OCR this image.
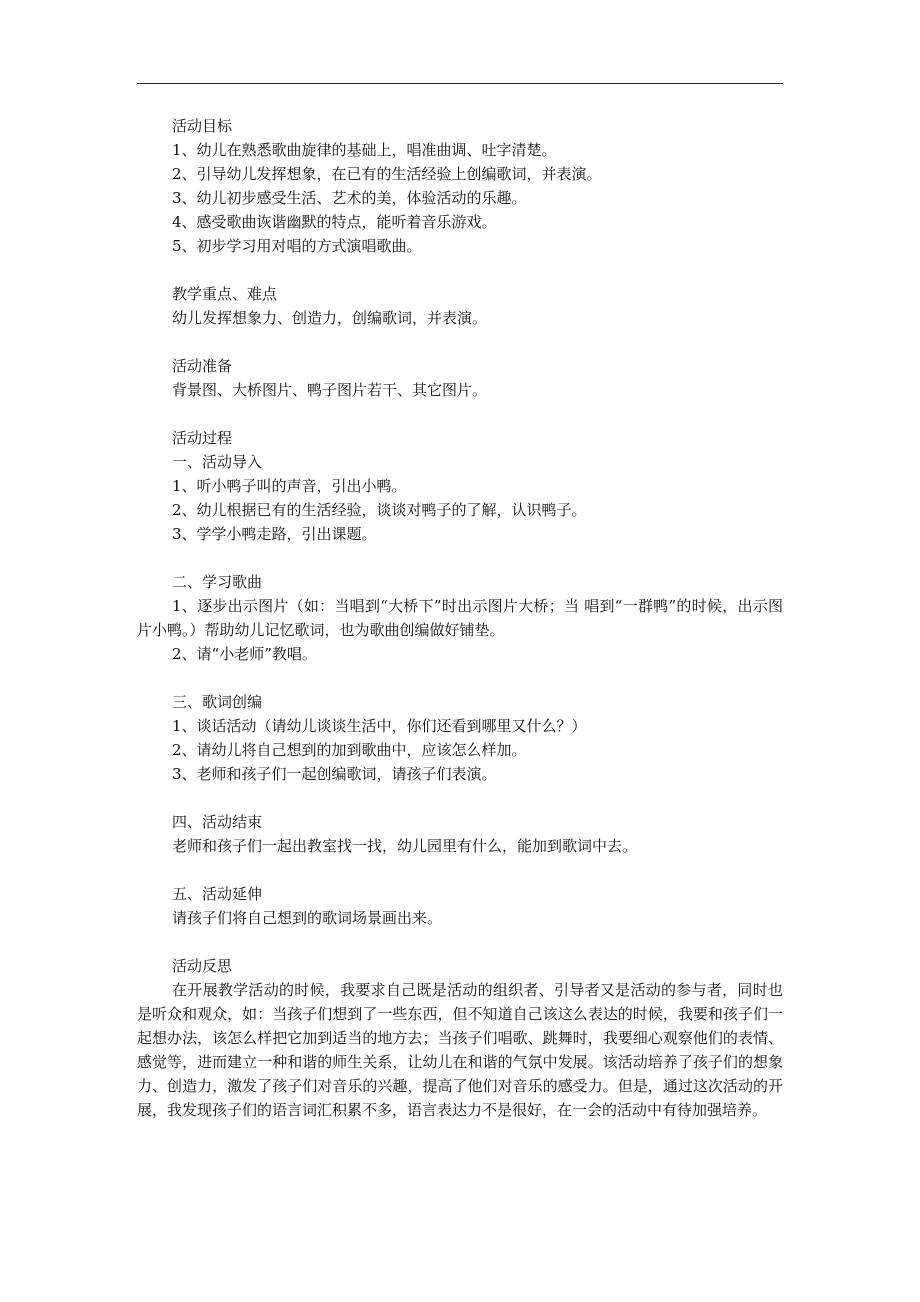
活动目标
1、幼儿在熟悉歌曲旋律的基础上，唱准曲调、吐字清楚。
2、引导幼儿发挥想象，在已有的生活经验上创编歌词，并表演。
3、幼儿初步感受生活、艺术的美，体验活动的乐趣。
4、感受歌曲诙谐幽默的特点，能听着音乐游戏。
5、初步学习用对唱的方式演唱歌曲。
教学重点、难点
幼儿发挥想象力、创造力，创编歌词，并表演。
活动准备
背景图、大桥图片、鸭子图片若干、其它图片。
活动过程
一、活动导入
1、听小鸭子叫的声音，引出小鸭。
2、幼儿根据已有的生活经验，谈谈对鸭子的了解，认识鸭子。
3、学学小鸭走路，引出课题。
二、学习歌曲

1、逐步出示图片（如：当唱到“大桥下”时出示图片大桥；当 唱到“一群鸭”的时候，出示图片小鸭。）帮助幼儿记忆歌词，也为歌曲创编做好铺垫。

2、请“小老师”教唱。
三、歌词创编
1、谈话活动（请幼儿谈谈生活中，你们还看到哪里又什么？）
2、请幼儿将自己想到的加到歌曲中，应该怎么样加。
3、老师和孩子们一起创编歌词，请孩子们表演。
四、活动结束
老师和孩子们一起出教室找一找，幼儿园里有什么，能加到歌词中去。
五、活动延伸
请孩子们将自己想到的歌词场景画出来。
活动反思

在开展教学活动的时候，我要求自己既是活动的组织者、引导者又是活动的参与者，同时也是听众和观众，如：当孩子们想到了一些东西，但不知道自己该这么表达的时候，我要和孩子们一起想办法，该怎么样把它加到适当的地方去；当孩子们唱歌、跳舞时，我要细心观察他们的表情、感觉等，进而建立一种和谐的师生关系，让幼儿在和谐的气氛中发展。该活动培养了孩子们的想象力、创造力，激发了孩子们对音乐的兴趣，提高了他们对音乐的感受力。但是，通过这次活动的开展，我发现孩子们的语言词汇积累不多，语言表达力不是很好，在一会的活动中有待加强培养。
